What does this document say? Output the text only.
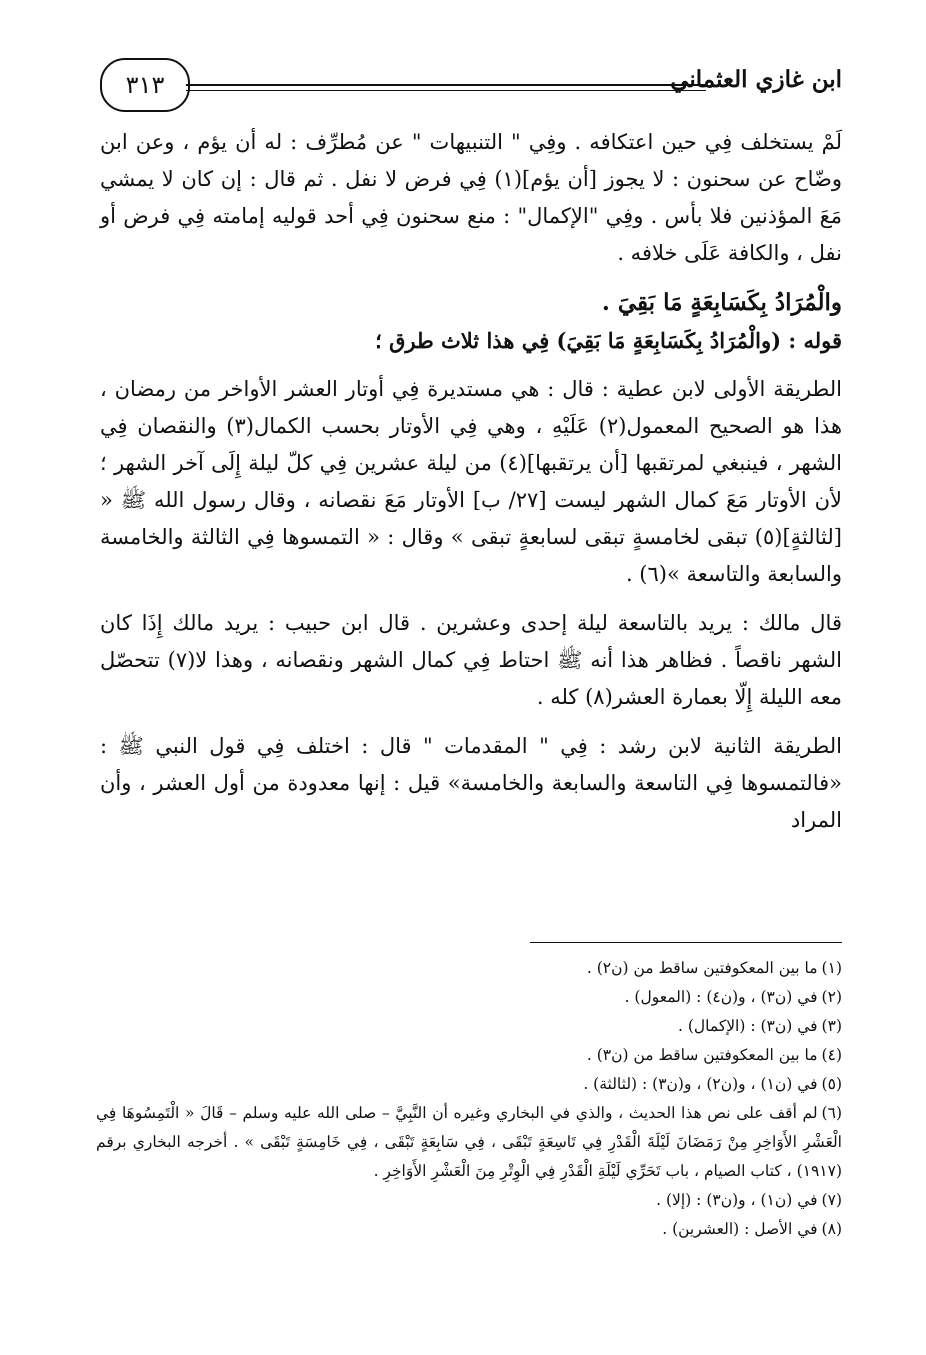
٣١٣	ابن غازي العثماني

لَمْ يستخلف فِي حين اعتكافه . وفِي " التنبيهات " عن مُطرِّف : له أن يؤم ، وعن ابن وضّاح عن سحنون : لا يجوز [أن يؤم](١) فِي فرض لا نفل . ثم قال : إن كان لا يمشي مَعَ المؤذنين فلا بأس . وفِي "الإكمال" : منع سحنون فِي أحد قوليه إمامته فِي فرض أو نفل ، والكافة عَلَى خلافه .

والْمُرَادُ بِكَسَابِعَةٍ مَا بَقِيَ .

قوله : (والْمُرَادُ بِكَسَابِعَةٍ مَا بَقِيَ) فِي هذا ثلاث طرق ؛

الطريقة الأولى لابن عطية : قال : هي مستديرة فِي أوتار العشر الأواخر من رمضان ، هذا هو الصحيح المعمول(٢) عَلَيْهِ ، وهي فِي الأوتار بحسب الكمال(٣) والنقصان فِي الشهر ، فينبغي لمرتقبها [أن يرتقبها](٤) من ليلة عشرين فِي كلّ ليلة إِلَى آخر الشهر ؛ لأن الأوتار مَعَ كمال الشهر ليست [٢٧/ ب] الأوتار مَعَ نقصانه ، وقال رسول الله ﷺ « [لثالثةٍ](٥) تبقى لخامسةٍ تبقى لسابعةٍ تبقى » وقال : « التمسوها فِي الثالثة والخامسة والسابعة والتاسعة »(٦) .

قال مالك : يريد بالتاسعة ليلة إحدى وعشرين . قال ابن حبيب : يريد مالك إِذَا كان الشهر ناقصاً . فظاهر هذا أنه ﷺ احتاط فِي كمال الشهر ونقصانه ، وهذا لا(٧) تتحصّل معه الليلة إِلّا بعمارة العشر(٨) كله .

الطريقة الثانية لابن رشد : فِي " المقدمات " قال : اختلف فِي قول النبي ﷺ : «فالتمسوها فِي التاسعة والسابعة والخامسة» قيل : إنها معدودة من أول العشر ، وأن المراد

(١)ما بين المعكوفتين ساقط من (ن٢) .

(٢)في (ن٣) ، و(ن٤) : (المعول) .

(٣)في (ن٣) : (الإكمال) .

(٤)ما بين المعكوفتين ساقط من (ن٣) .

(٥)في (ن١) ، و(ن٢) ، و(ن٣) : (لثالثة) .

(٦)لم أقف على نص هذا الحديث ، والذي في البخاري وغيره أن النَّبِيَّ – صلى الله عليه وسلم – قَالَ « الْتَمِسُوهَا فِي الْعَشْرِ الأَوَاخِرِ مِنْ رَمَضَانَ لَيْلَةَ الْقَدْرِ فِي تَاسِعَةٍ تَبْقَى ، فِي سَابِعَةٍ تَبْقَى ، فِي خَامِسَةٍ تَبْقَى » . أخرجه البخاري برقم (١٩١٧) ، كتاب الصيام ، باب تَحَرِّي لَيْلَةِ الْقَدْرِ فِي الْوِتْرِ مِنَ الْعَشْرِ الأَوَاخِرِ .

(٧)في (ن١) ، و(ن٣) : (إلا) .

(٨)في الأصل : (العشرين) .
